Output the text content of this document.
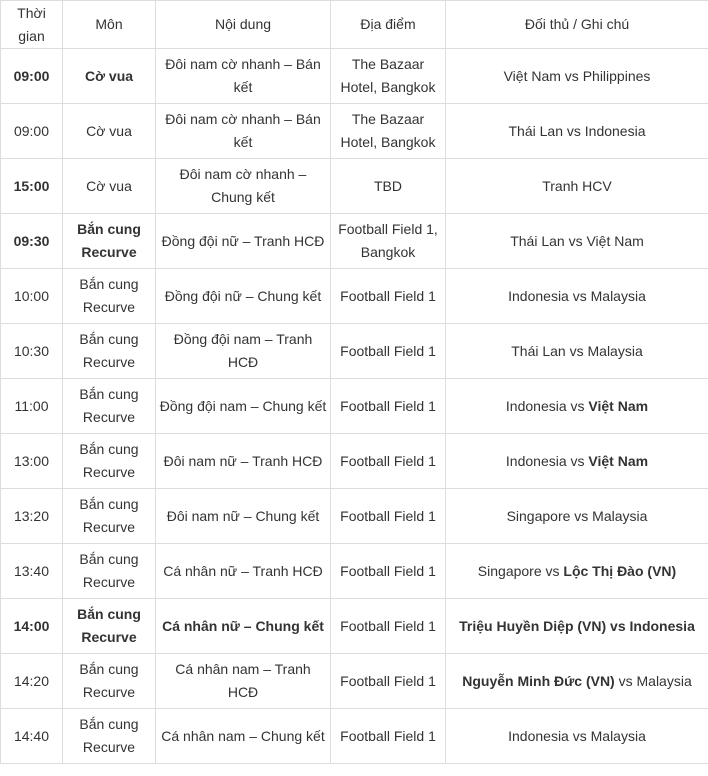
Thời gian	Môn	Nội dung	Địa điểm	Đối thủ / Ghi chú
09:00	Cờ vua	Đôi nam cờ nhanh – Bán kết	The Bazaar Hotel, Bangkok	Việt Nam vs Philippines
09:00	Cờ vua	Đôi nam cờ nhanh – Bán kết	The Bazaar Hotel, Bangkok	Thái Lan vs Indonesia
15:00	Cờ vua	Đôi nam cờ nhanh – Chung kết	TBD	Tranh HCV
09:30	Bắn cung Recurve	Đồng đội nữ – Tranh HCĐ	Football Field 1, Bangkok	Thái Lan vs Việt Nam
10:00	Bắn cung Recurve	Đồng đội nữ – Chung kết	Football Field 1	Indonesia vs Malaysia
10:30	Bắn cung Recurve	Đồng đội nam – Tranh HCĐ	Football Field 1	Thái Lan vs Malaysia
11:00	Bắn cung Recurve	Đồng đội nam – Chung kết	Football Field 1	Indonesia vs Việt Nam
13:00	Bắn cung Recurve	Đôi nam nữ – Tranh HCĐ	Football Field 1	Indonesia vs Việt Nam
13:20	Bắn cung Recurve	Đôi nam nữ – Chung kết	Football Field 1	Singapore vs Malaysia
13:40	Bắn cung Recurve	Cá nhân nữ – Tranh HCĐ	Football Field 1	Singapore vs Lộc Thị Đào (VN)
14:00	Bắn cung Recurve	Cá nhân nữ – Chung kết	Football Field 1	Triệu Huyền Diệp (VN) vs Indonesia
14:20	Bắn cung Recurve	Cá nhân nam – Tranh HCĐ	Football Field 1	Nguyễn Minh Đức (VN) vs Malaysia
14:40	Bắn cung Recurve	Cá nhân nam – Chung kết	Football Field 1	Indonesia vs Malaysia
